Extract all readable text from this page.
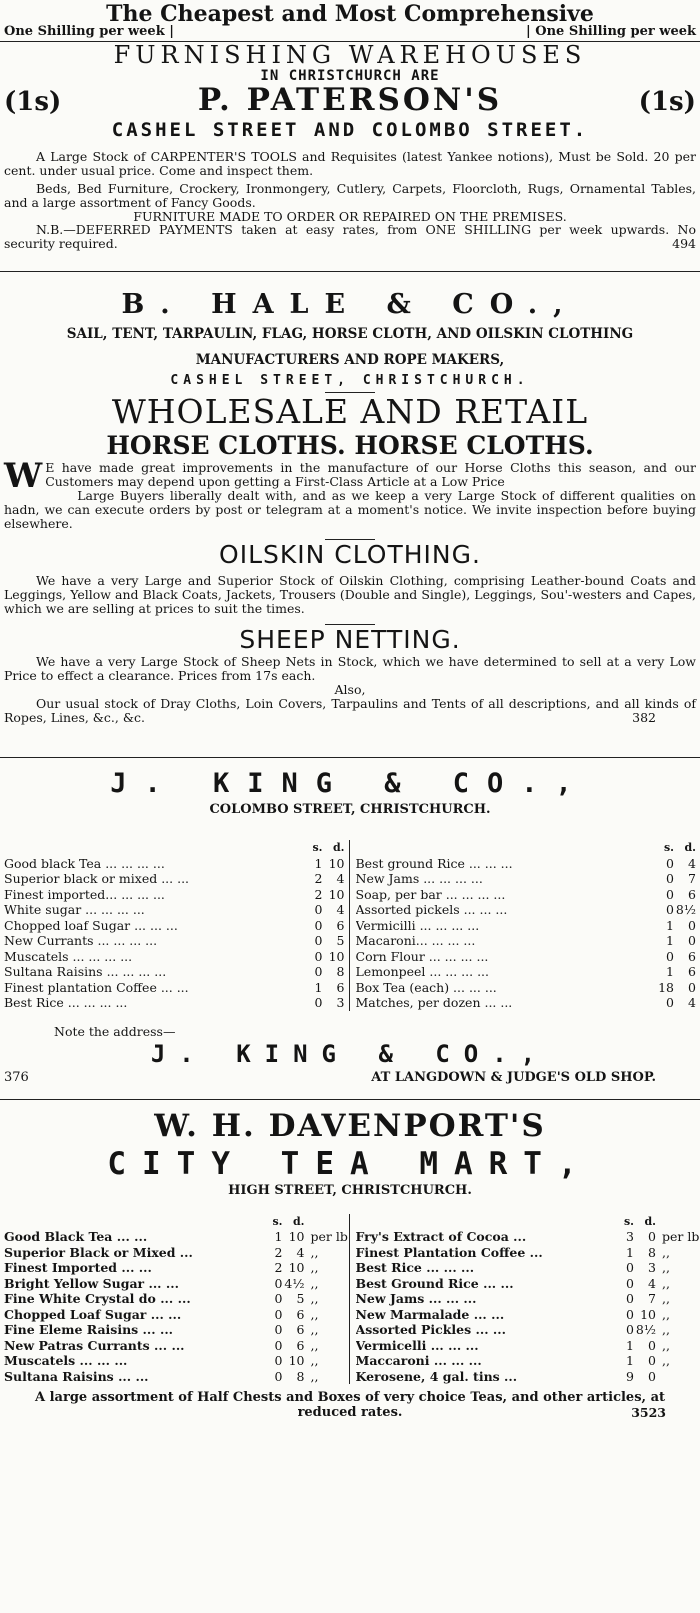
The Cheapest and Most Comprehensive
One Shilling per week |	| One Shilling per week
FURNISHING WAREHOUSES
IN CHRISTCHURCH ARE
(1s)	P. PATERSON'S	(1s)
CASHEL STREET AND COLOMBO STREET.

A Large Stock of CARPENTER'S TOOLS and Requisites (latest Yankee notions), Must be Sold. 20 per cent. under usual price. Come and inspect them.

Beds, Bed Furniture, Crockery, Ironmongery, Cutlery, Carpets, Floorcloth, Rugs, Ornamental Tables, and a large assortment of Fancy Goods.

FURNITURE MADE TO ORDER OR REPAIRED ON THE PREMISES.

N.B.—DEFERRED PAYMENTS taken at easy rates, from ONE SHILLING per week upwards. No security required.	494

B. HALE & CO.,
SAIL, TENT, TARPAULIN, FLAG, HORSE CLOTH, AND OILSKIN CLOTHING
MANUFACTURERS AND ROPE MAKERS,
CASHEL STREET, CHRISTCHURCH.
WHOLESALE AND RETAIL
HORSE CLOTHS. HORSE CLOTHS.

W E have made great improvements in the manufacture of our Horse Cloths this season, and our Customers may depend upon getting a First-Class Article at a Low Price

Large Buyers liberally dealt with, and as we keep a very Large Stock of different qualities on hadn, we can execute orders by post or telegram at a moment's notice. We invite inspection before buying elsewhere.

OILSKIN CLOTHING.

We have a very Large and Superior Stock of Oilskin Clothing, comprising Leather-bound Coats and Leggings, Yellow and Black Coats, Jackets, Trousers (Double and Single), Leggings, Sou'-westers and Capes, which we are selling at prices to suit the times.

SHEEP NETTING.

We have a very Large Stock of Sheep Nets in Stock, which we have determined to sell at a very Low Price to effect a clearance. Prices from 17s each.

Also,

Our usual stock of Dray Cloths, Loin Covers, Tarpaulins and Tents of all descriptions, and all kinds of Ropes, Lines, &c., &c.	382

J. KING & CO.,
COLOMBO STREET, CHRISTCHURCH.
s. d.
Good black Tea ... ... ... ...	1 10
Superior black or mixed ... ...	2	4
Finest imported... ... ... ...	2 10
White sugar ... ... ... ...	0	4
Chopped loaf Sugar ... ... ...	0	6
New Currants ... ... ... ...	0	5
Muscatels ... ... ... ...	0 10
Sultana Raisins ... ... ... ...	0	8
Finest plantation Coffee ... ...	1	6
Best Rice ... ... ... ...	0	3
s. d.
Best ground Rice ... ... ...	0	4
New Jams ... ... ... ...	0	7
Soap, per bar ... ... ... ...	0	6
Assorted pickels ... ... ...	0 8½
Vermicilli ... ... ... ...	1	0
Macaroni... ... ... ...	1	0
Corn Flour ... ... ... ...	0	6
Lemonpeel ... ... ... ...	1	6
Box Tea (each) ... ... ...	18	0
Matches, per dozen ... ...	0	4

Note the address—

J. KING & CO.,
376	AT LANGDOWN & JUDGE'S OLD SHOP.
W. H. DAVENPORT'S
CITY TEA MART,
HIGH STREET, CHRISTCHURCH.
s. d.
Good Black Tea ... ...	1 10 per lb
Superior Black or Mixed ...	2	4 ,,
Finest Imported ... ...	2 10 ,,
Bright Yellow Sugar ... ...	0 4½ ,,
Fine White Crystal do ... ...	0	5 ,,
Chopped Loaf Sugar ... ...	0	6 ,,
Fine Eleme Raisins ... ...	0	6 ,,
New Patras Currants ... ...	0	6 ,,
Muscatels ... ... ...	0 10 ,,
Sultana Raisins ... ...	0	8 ,,
s. d.
Fry's Extract of Cocoa ...	3	0 per lb
Finest Plantation Coffee ...	1	8 ,,
Best Rice ... ... ...	0	3 ,,
Best Ground Rice ... ...	0	4 ,,
New Jams ... ... ...	0	7 ,,
New Marmalade ... ...	0 10 ,,
Assorted Pickles ... ...	0 8½ ,,
Vermicelli ... ... ...	1	0 ,,
Maccaroni ... ... ...	1	0 ,,
Kerosene, 4 gal. tins ...	9	0

A large assortment of Half Chests and Boxes of very choice Teas, and other articles, at reduced rates.	3523
